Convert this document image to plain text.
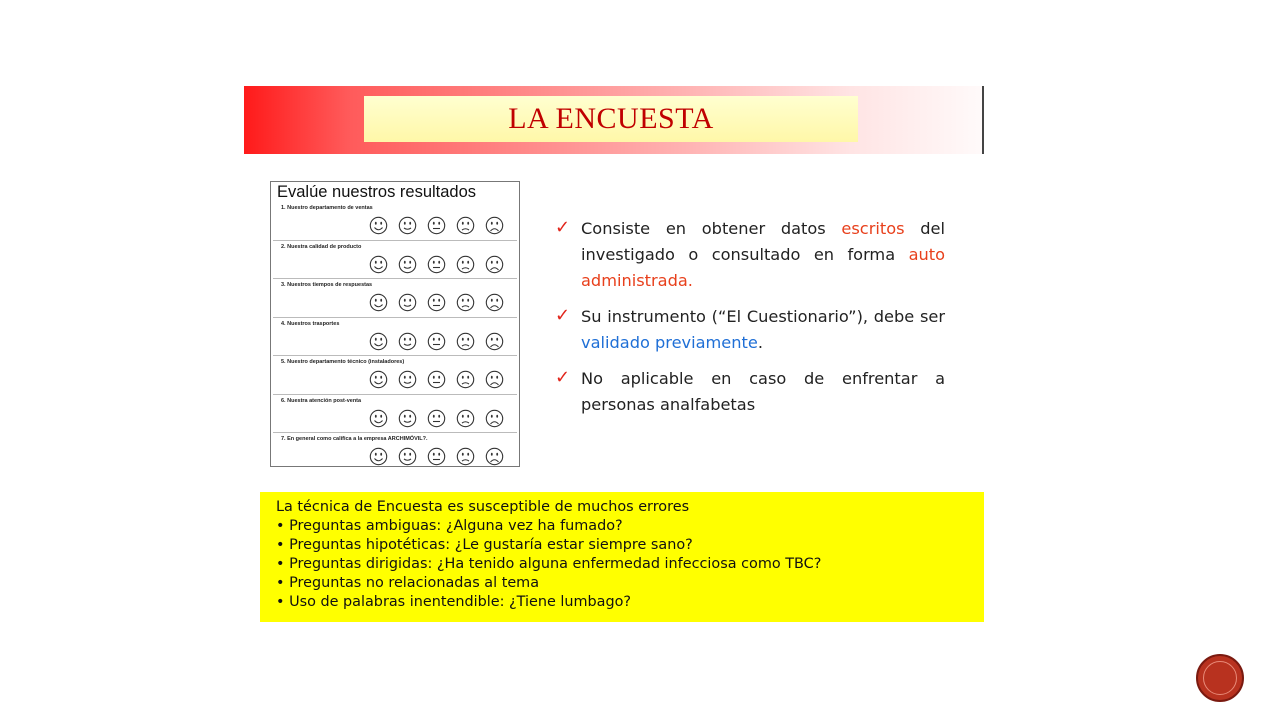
LA ENCUESTA
Evalúe nuestros resultados
1. Nuestro departamento de ventas
2. Nuestra calidad de producto
3. Nuestros tiempos de respuestas
4. Nuestros trasportes
5. Nuestro departamento técnico (instaladores)
6. Nuestra atención post-venta
7. En general como califica a la empresa ARCHIMÓVIL?.
✓ Consiste en obtener datos escritos del investigado o consultado en forma auto administrada.
✓ Su instrumento (“El Cuestionario”), debe ser validado previamente.
✓ No aplicable en caso de enfrentar a personas analfabetas
La técnica de Encuesta es susceptible de muchos errores
• Preguntas ambiguas: ¿Alguna vez ha fumado?
• Preguntas hipotéticas: ¿Le gustaría estar siempre sano?
• Preguntas dirigidas: ¿Ha tenido alguna enfermedad infecciosa como TBC?
• Preguntas no relacionadas al tema
• Uso de palabras inentendible: ¿Tiene lumbago?
